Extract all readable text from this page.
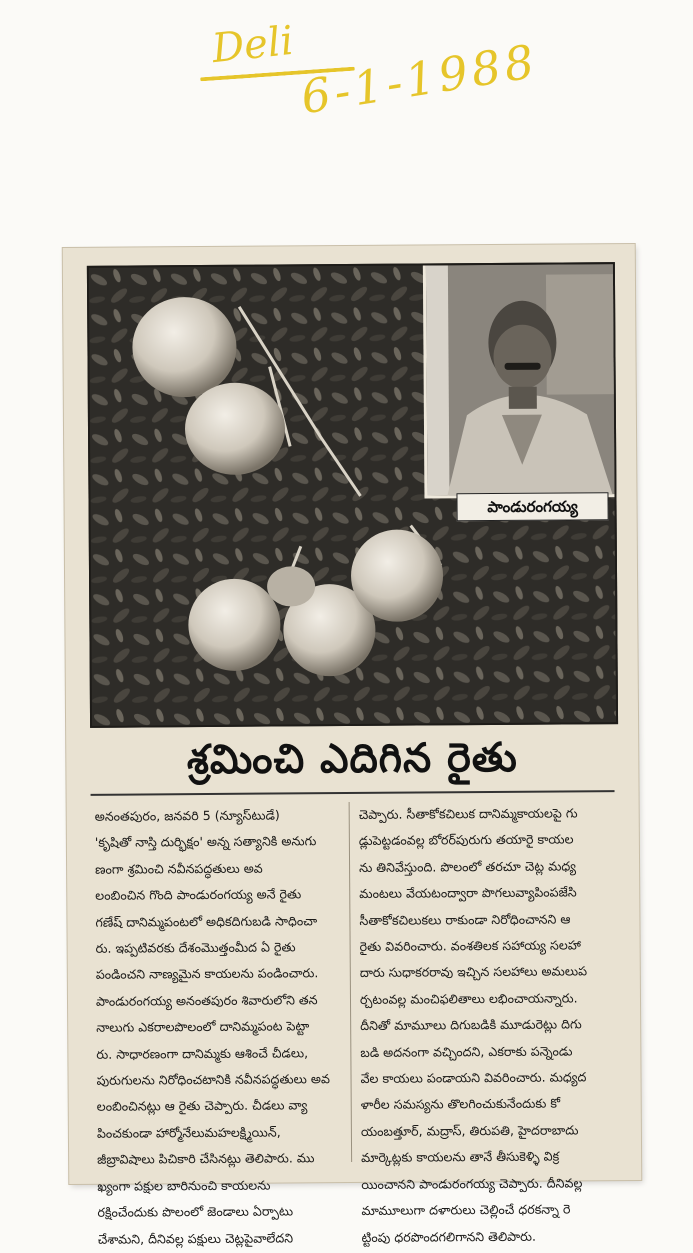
Deli 6-1-1988
పాండురంగయ్య
శ్రమించి ఎదిగిన రైతు
అనంతపురం, జనవరి 5 (న్యూస్‌టుడే)
'కృషితో నాస్తి దుర్భిక్షం' అన్న సత్యానికి అనుగు
ణంగా శ్రమించి నవీనపద్ధతులు అవ
లంబించిన గొంది పాండురంగయ్య అనే రైతు
గణేష్ దానిమ్మపంటలో అధికదిగుబడి సాధించా
రు. ఇప్పటివరకు దేశంమొత్తంమీద ఏ రైతు
పండించని నాణ్యమైన కాయలను పండించారు.
పాండురంగయ్య అనంతపురం శివారులోని తన
నాలుగు ఎకరాలపొలంలో దానిమ్మపంట పెట్టా
రు. సాధారణంగా దానిమ్మకు ఆశించే చీడలు,
పురుగులను నిరోధించటానికి నవీనపద్ధతులు అవ
లంబించినట్లు ఆ రైతు చెప్పారు. చీడలు వ్యా
పించకుండా హార్మోనేలుమహలక్ష్మియిన్,
జీబ్రావిషాలు పిచికారి చేసినట్లు తెలిపారు. ము
ఖ్యంగా పక్షుల బారినుంచి కాయలను
రక్షించేందుకు పొలంలో జెండాలు ఏర్పాటు
చేశామని, దీనివల్ల పక్షులు చెట్లపైవాలేదని
చెప్పారు. సీతాకోకచిలుక దానిమ్మకాయలపై గు
డ్లుపెట్టడంవల్ల బోరర్‌పురుగు తయారై కాయల
ను తినివేస్తుంది. పొలంలో తరచూ చెట్ల మధ్య
మంటలు వేయటంద్వారా పొగలువ్యాపింపజేసి
సీతాకోకచిలుకలు రాకుండా నిరోధించానని ఆ
రైతు వివరించారు. వంశతిలక సహాయ్య సలహా
దారు సుధాకరరావు ఇచ్చిన సలహాలు అమలుప
ర్చటంవల్ల మంచిఫలితాలు లభించాయన్నారు.
దీనితో మామూలు దిగుబడికి మూడురెట్లు దిగు
బడి అదనంగా వచ్చిందని, ఎకరాకు పన్నెండు
వేల కాయలు పండాయని వివరించారు. మధ్యద
ళారీల సమస్యను తొలగించుకునేందుకు కో
యంబత్తూర్, మద్రాస్, తిరుపతి, హైదరాబాదు
మార్కెట్లకు కాయలను తానే తీసుకెళ్ళి విక్ర
యించానని పాండురంగయ్య చెప్పారు. దీనివల్ల
మామూలుగా దళారులు చెల్లించే ధరకన్నా రె
ట్టింపు ధరపొందగలిగానని తెలిపారు.
